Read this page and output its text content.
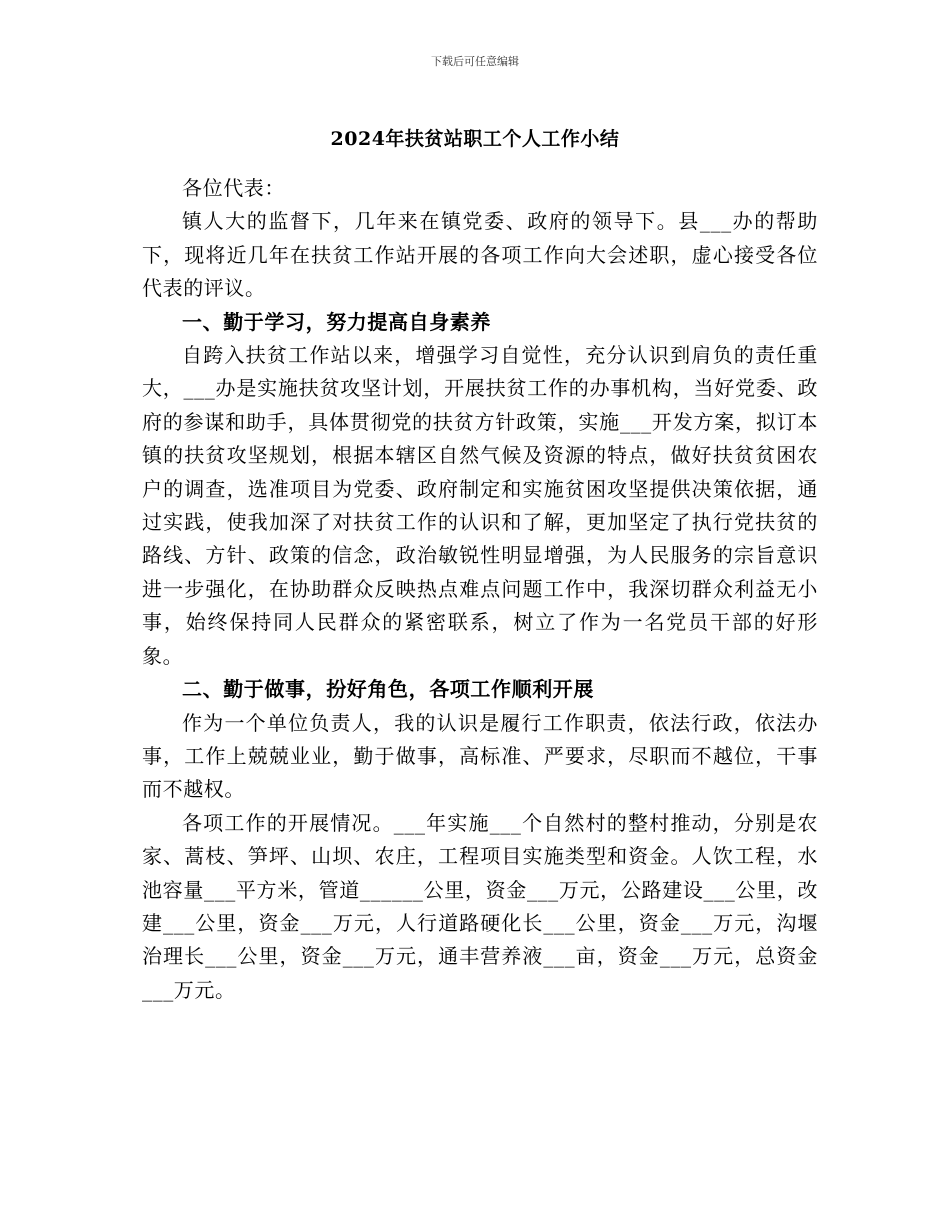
下载后可任意编辑
2024年扶贫站职工个人工作小结

各位代表：

镇人大的监督下，几年来在镇党委、政府的领导下。县___办的帮助下，现将近几年在扶贫工作站开展的各项工作向大会述职，虚心接受各位代表的评议。

一、勤于学习，努力提高自身素养

自跨入扶贫工作站以来，增强学习自觉性，充分认识到肩负的责任重大，___办是实施扶贫攻坚计划，开展扶贫工作的办事机构，当好党委、政府的参谋和助手，具体贯彻党的扶贫方针政策，实施___开发方案，拟订本镇的扶贫攻坚规划，根据本辖区自然气候及资源的特点，做好扶贫贫困农户的调查，选准项目为党委、政府制定和实施贫困攻坚提供决策依据，通过实践，使我加深了对扶贫工作的认识和了解，更加坚定了执行党扶贫的路线、方针、政策的信念，政治敏锐性明显增强，为人民服务的宗旨意识进一步强化，在协助群众反映热点难点问题工作中，我深切群众利益无小事，始终保持同人民群众的紧密联系，树立了作为一名党员干部的好形象。

二、勤于做事，扮好角色，各项工作顺利开展

作为一个单位负责人，我的认识是履行工作职责，依法行政，依法办事，工作上兢兢业业，勤于做事，高标准、严要求，尽职而不越位，干事而不越权。

各项工作的开展情况。___年实施___个自然村的整村推动，分别是农家、蒿枝、笋坪、山坝、农庄，工程项目实施类型和资金。人饮工程，水池容量___平方米，管道______公里，资金___万元，公路建设___公里，改建___公里，资金___万元，人行道路硬化长___公里，资金___万元，沟堰治理长___公里，资金___万元，通丰营养液___亩，资金___万元，总资金___万元。
